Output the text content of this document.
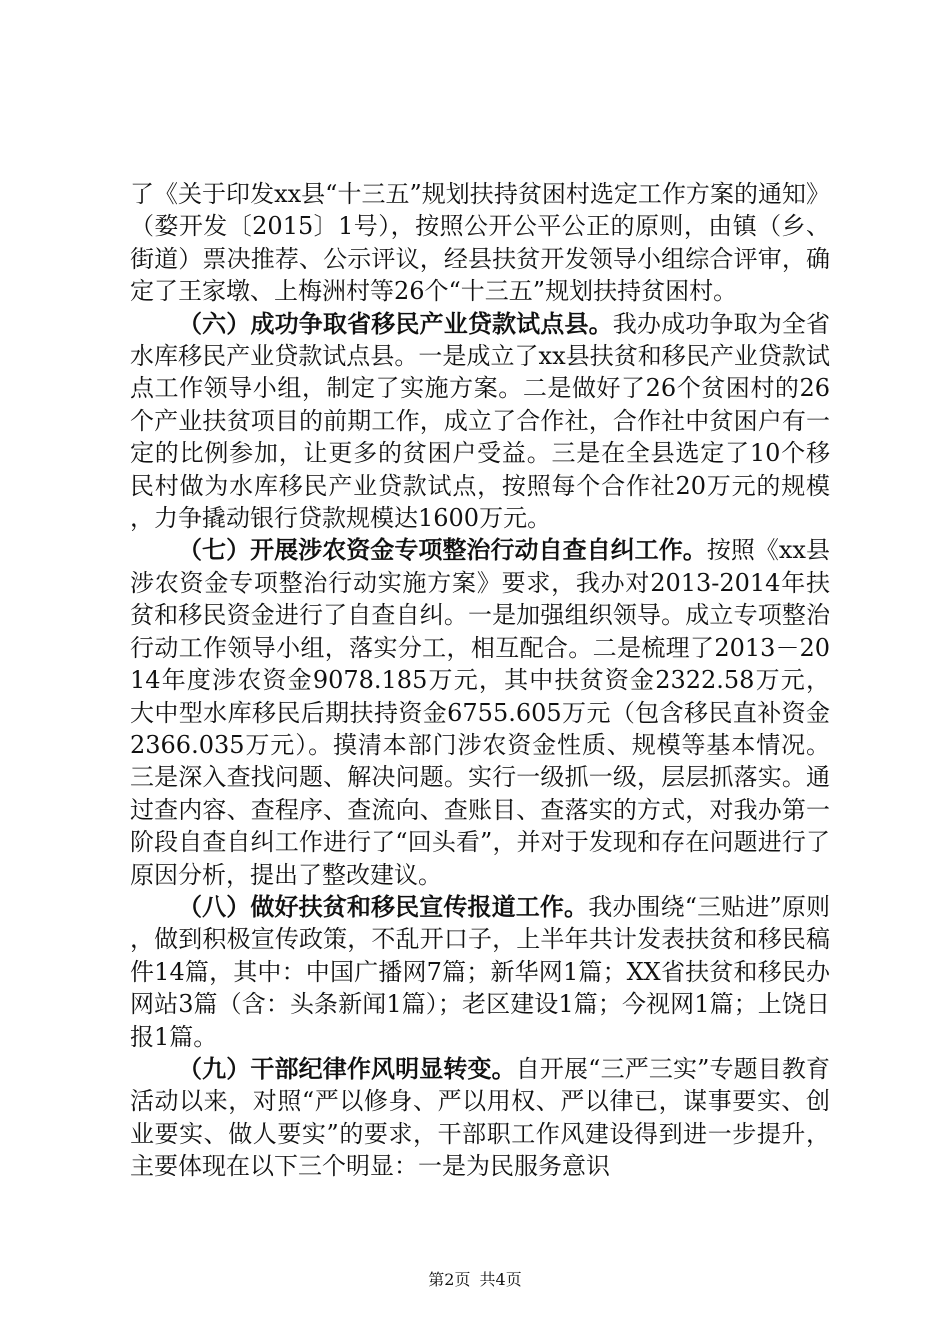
了《关于印发xx县“十三五”规划扶持贫困村选定工作方案的通知》（婺开发〔2015〕1号），按照公开公平公正的原则，由镇（乡、街道）票决推荐、公示评议，经县扶贫开发领导小组综合评审，确定了王家墩、上梅洲村等26个“十三五”规划扶持贫困村。

（六）成功争取省移民产业贷款试点县。我办成功争取为全省水库移民产业贷款试点县。一是成立了xx县扶贫和移民产业贷款试点工作领导小组，制定了实施方案。二是做好了26个贫困村的26个产业扶贫项目的前期工作，成立了合作社，合作社中贫困户有一定的比例参加，让更多的贫困户受益。三是在全县选定了10个移民村做为水库移民产业贷款试点，按照每个合作社20万元的规模，力争撬动银行贷款规模达1600万元。

（七）开展涉农资金专项整治行动自查自纠工作。按照《xx县涉农资金专项整治行动实施方案》要求，我办对2013-2014年扶贫和移民资金进行了自查自纠。一是加强组织领导。成立专项整治行动工作领导小组，落实分工，相互配合。二是梳理了2013－2014年度涉农资金9078.185万元，其中扶贫资金2322.58万元，大中型水库移民后期扶持资金6755.605万元（包含移民直补资金2366.035万元）。摸清本部门涉农资金性质、规模等基本情况。三是深入查找问题、解决问题。实行一级抓一级，层层抓落实。通过查内容、查程序、查流向、查账目、查落实的方式，对我办第一阶段自查自纠工作进行了“回头看”，并对于发现和存在问题进行了原因分析，提出了整改建议。

（八）做好扶贫和移民宣传报道工作。我办围绕“三贴进”原则，做到积极宣传政策，不乱开口子，上半年共计发表扶贫和移民稿件14篇，其中：中国广播网7篇；新华网1篇；XX省扶贫和移民办网站3篇（含：头条新闻1篇）；老区建设1篇；今视网1篇；上饶日报1篇。

（九）干部纪律作风明显转变。自开展“三严三实”专题目教育活动以来，对照“严以修身、严以用权、严以律已，谋事要实、创业要实、做人要实”的要求，干部职工作风建设得到进一步提升，主要体现在以下三个明显：一是为民服务意识

第2页 共4页
